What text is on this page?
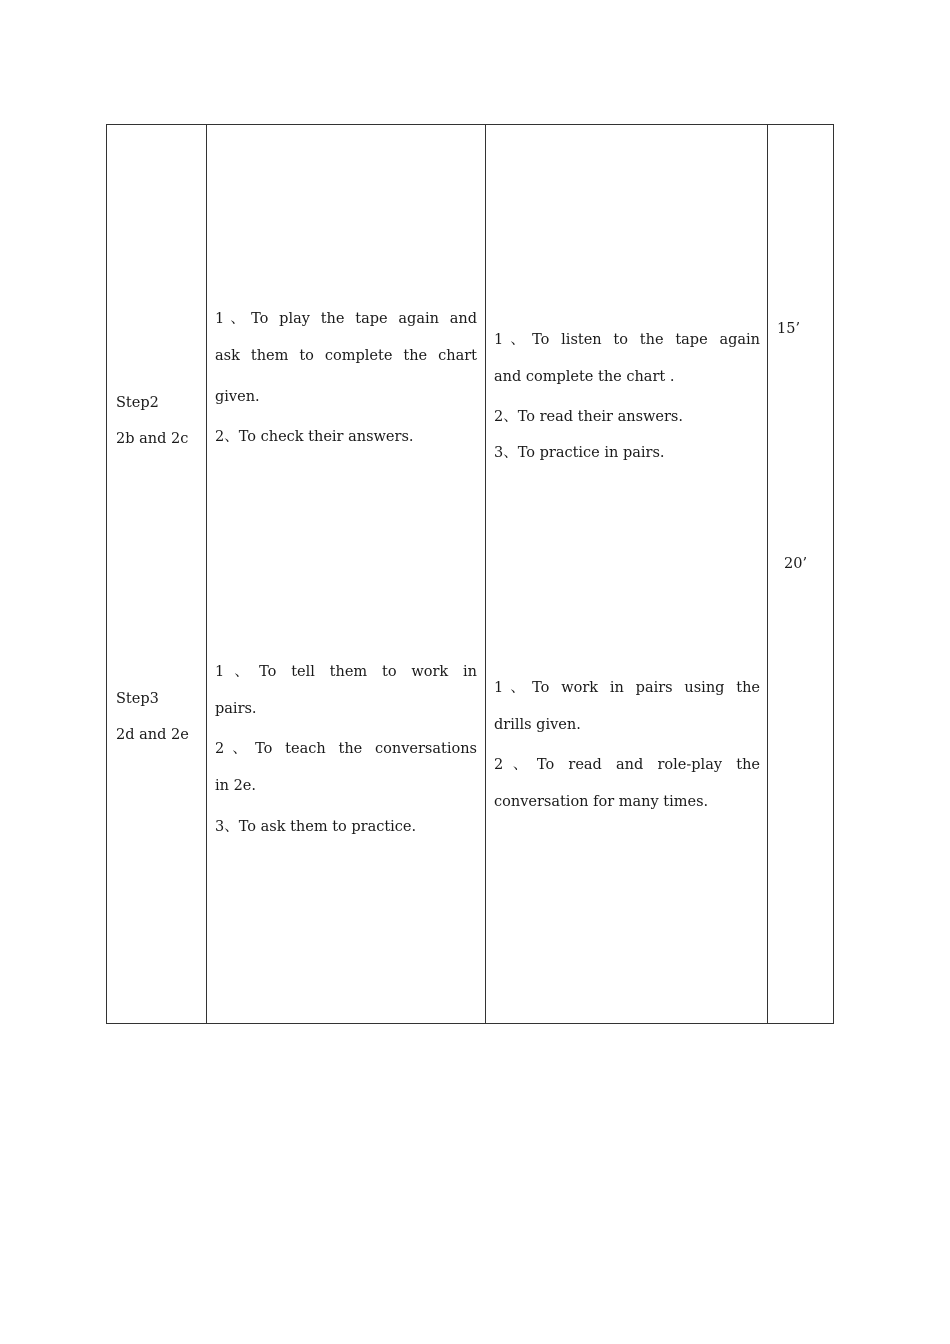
Step2
2b and 2c
1、To play the tape again and
ask them to complete the chart
given.
2、To check their answers.
1、To listen to the tape again
and complete the chart .
2、To read their answers.
3、To practice in pairs.
15’
Step3
2d and 2e
1、To tell them to work in
pairs.
2、To teach the conversations
in 2e.
3、To ask them to practice.
1、To work in pairs using the
drills given.
2、To read and role-play the
conversation for many times.
20’
